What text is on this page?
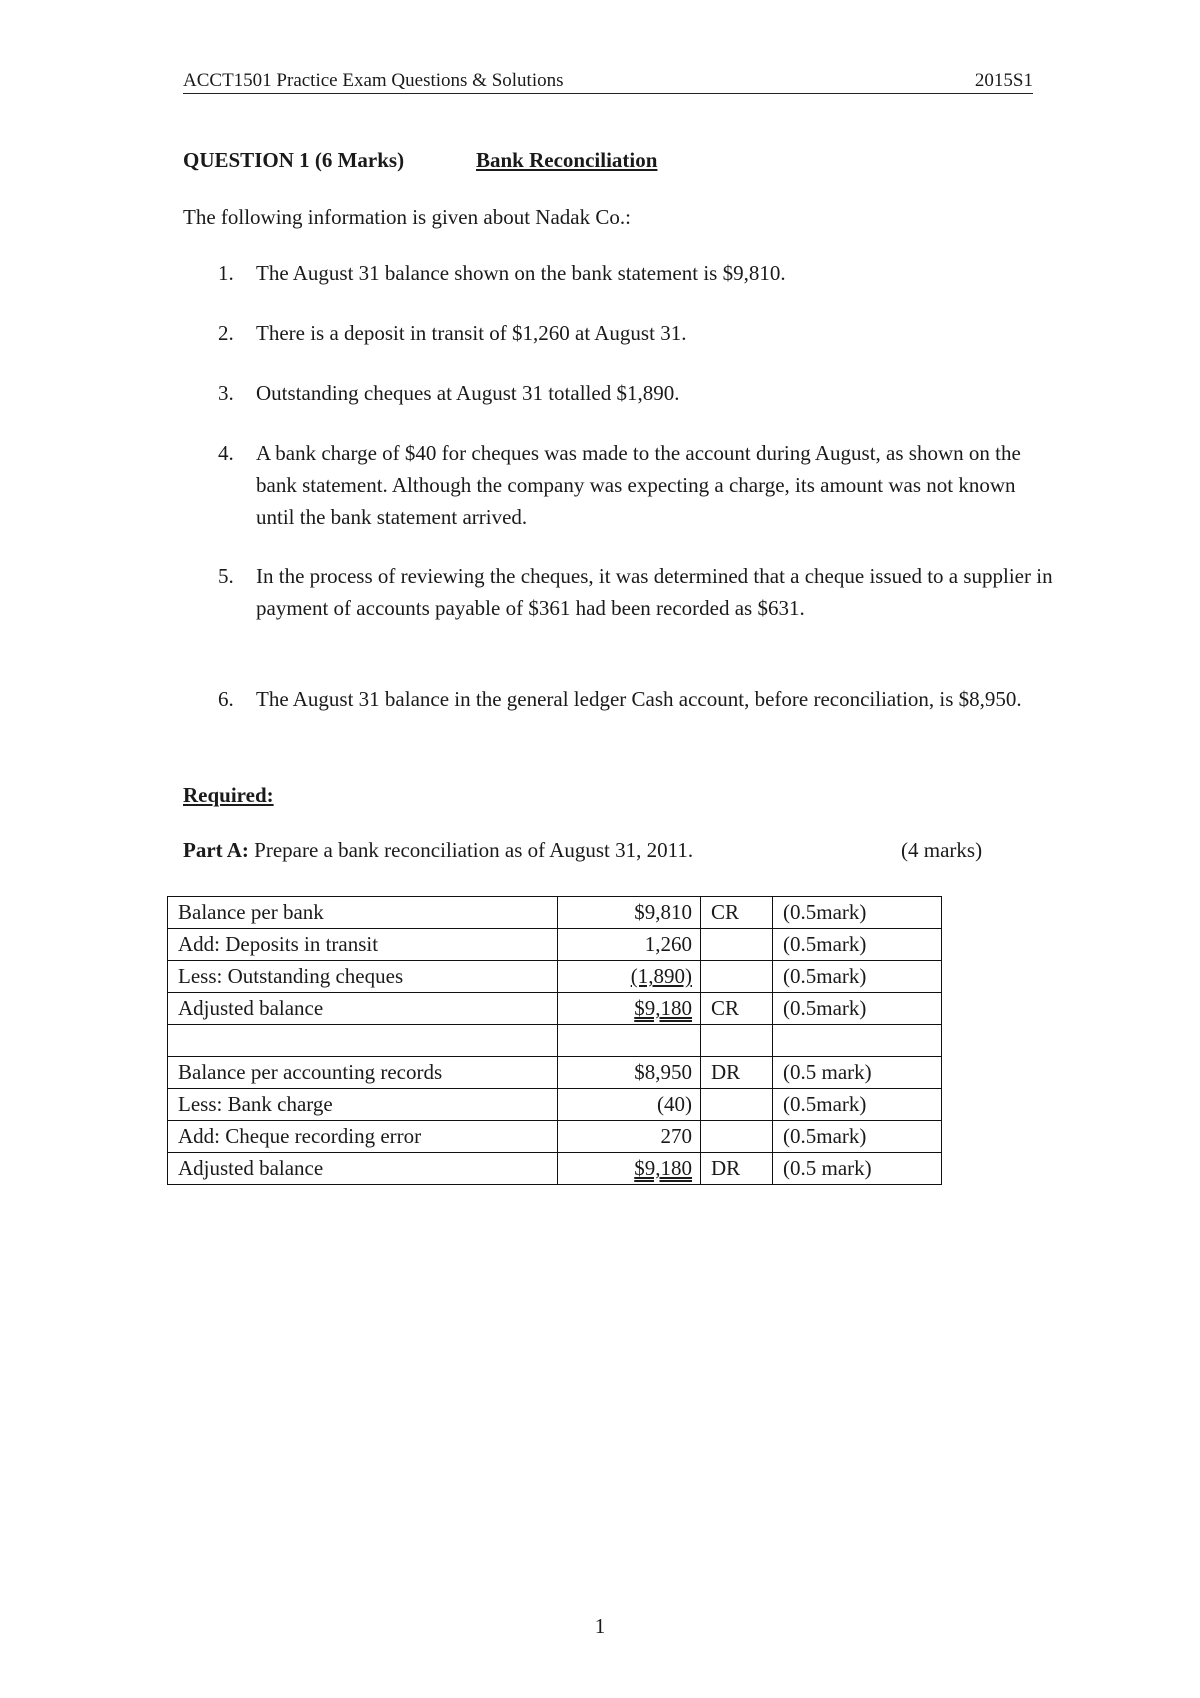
ACCT1501 Practice Exam Questions & Solutions	2015S1
QUESTION 1 (6 Marks)	Bank Reconciliation
The following information is given about Nadak Co.:
1. The August 31 balance shown on the bank statement is $9,810.
2. There is a deposit in transit of $1,260 at August 31.
3. Outstanding cheques at August 31 totalled $1,890.
4. A bank charge of $40 for cheques was made to the account during August, as shown on the bank statement. Although the company was expecting a charge, its amount was not known until the bank statement arrived.
5. In the process of reviewing the cheques, it was determined that a cheque issued to a supplier in payment of accounts payable of $361 had been recorded as $631.
6. The August 31 balance in the general ledger Cash account, before reconciliation, is $8,950.
Required:
Part A: Prepare a bank reconciliation as of August 31, 2011.	(4 marks)
Balance per bank	$9,810	CR	(0.5mark)
Add: Deposits in transit	1,260		(0.5mark)
Less: Outstanding cheques	(1,890)		(0.5mark)
Adjusted balance	$9,180	CR	(0.5mark)

Balance per accounting records	$8,950	DR	(0.5 mark)
Less: Bank charge	(40)		(0.5mark)
Add: Cheque recording error	270		(0.5mark)
Adjusted balance	$9,180	DR	(0.5 mark)
1
